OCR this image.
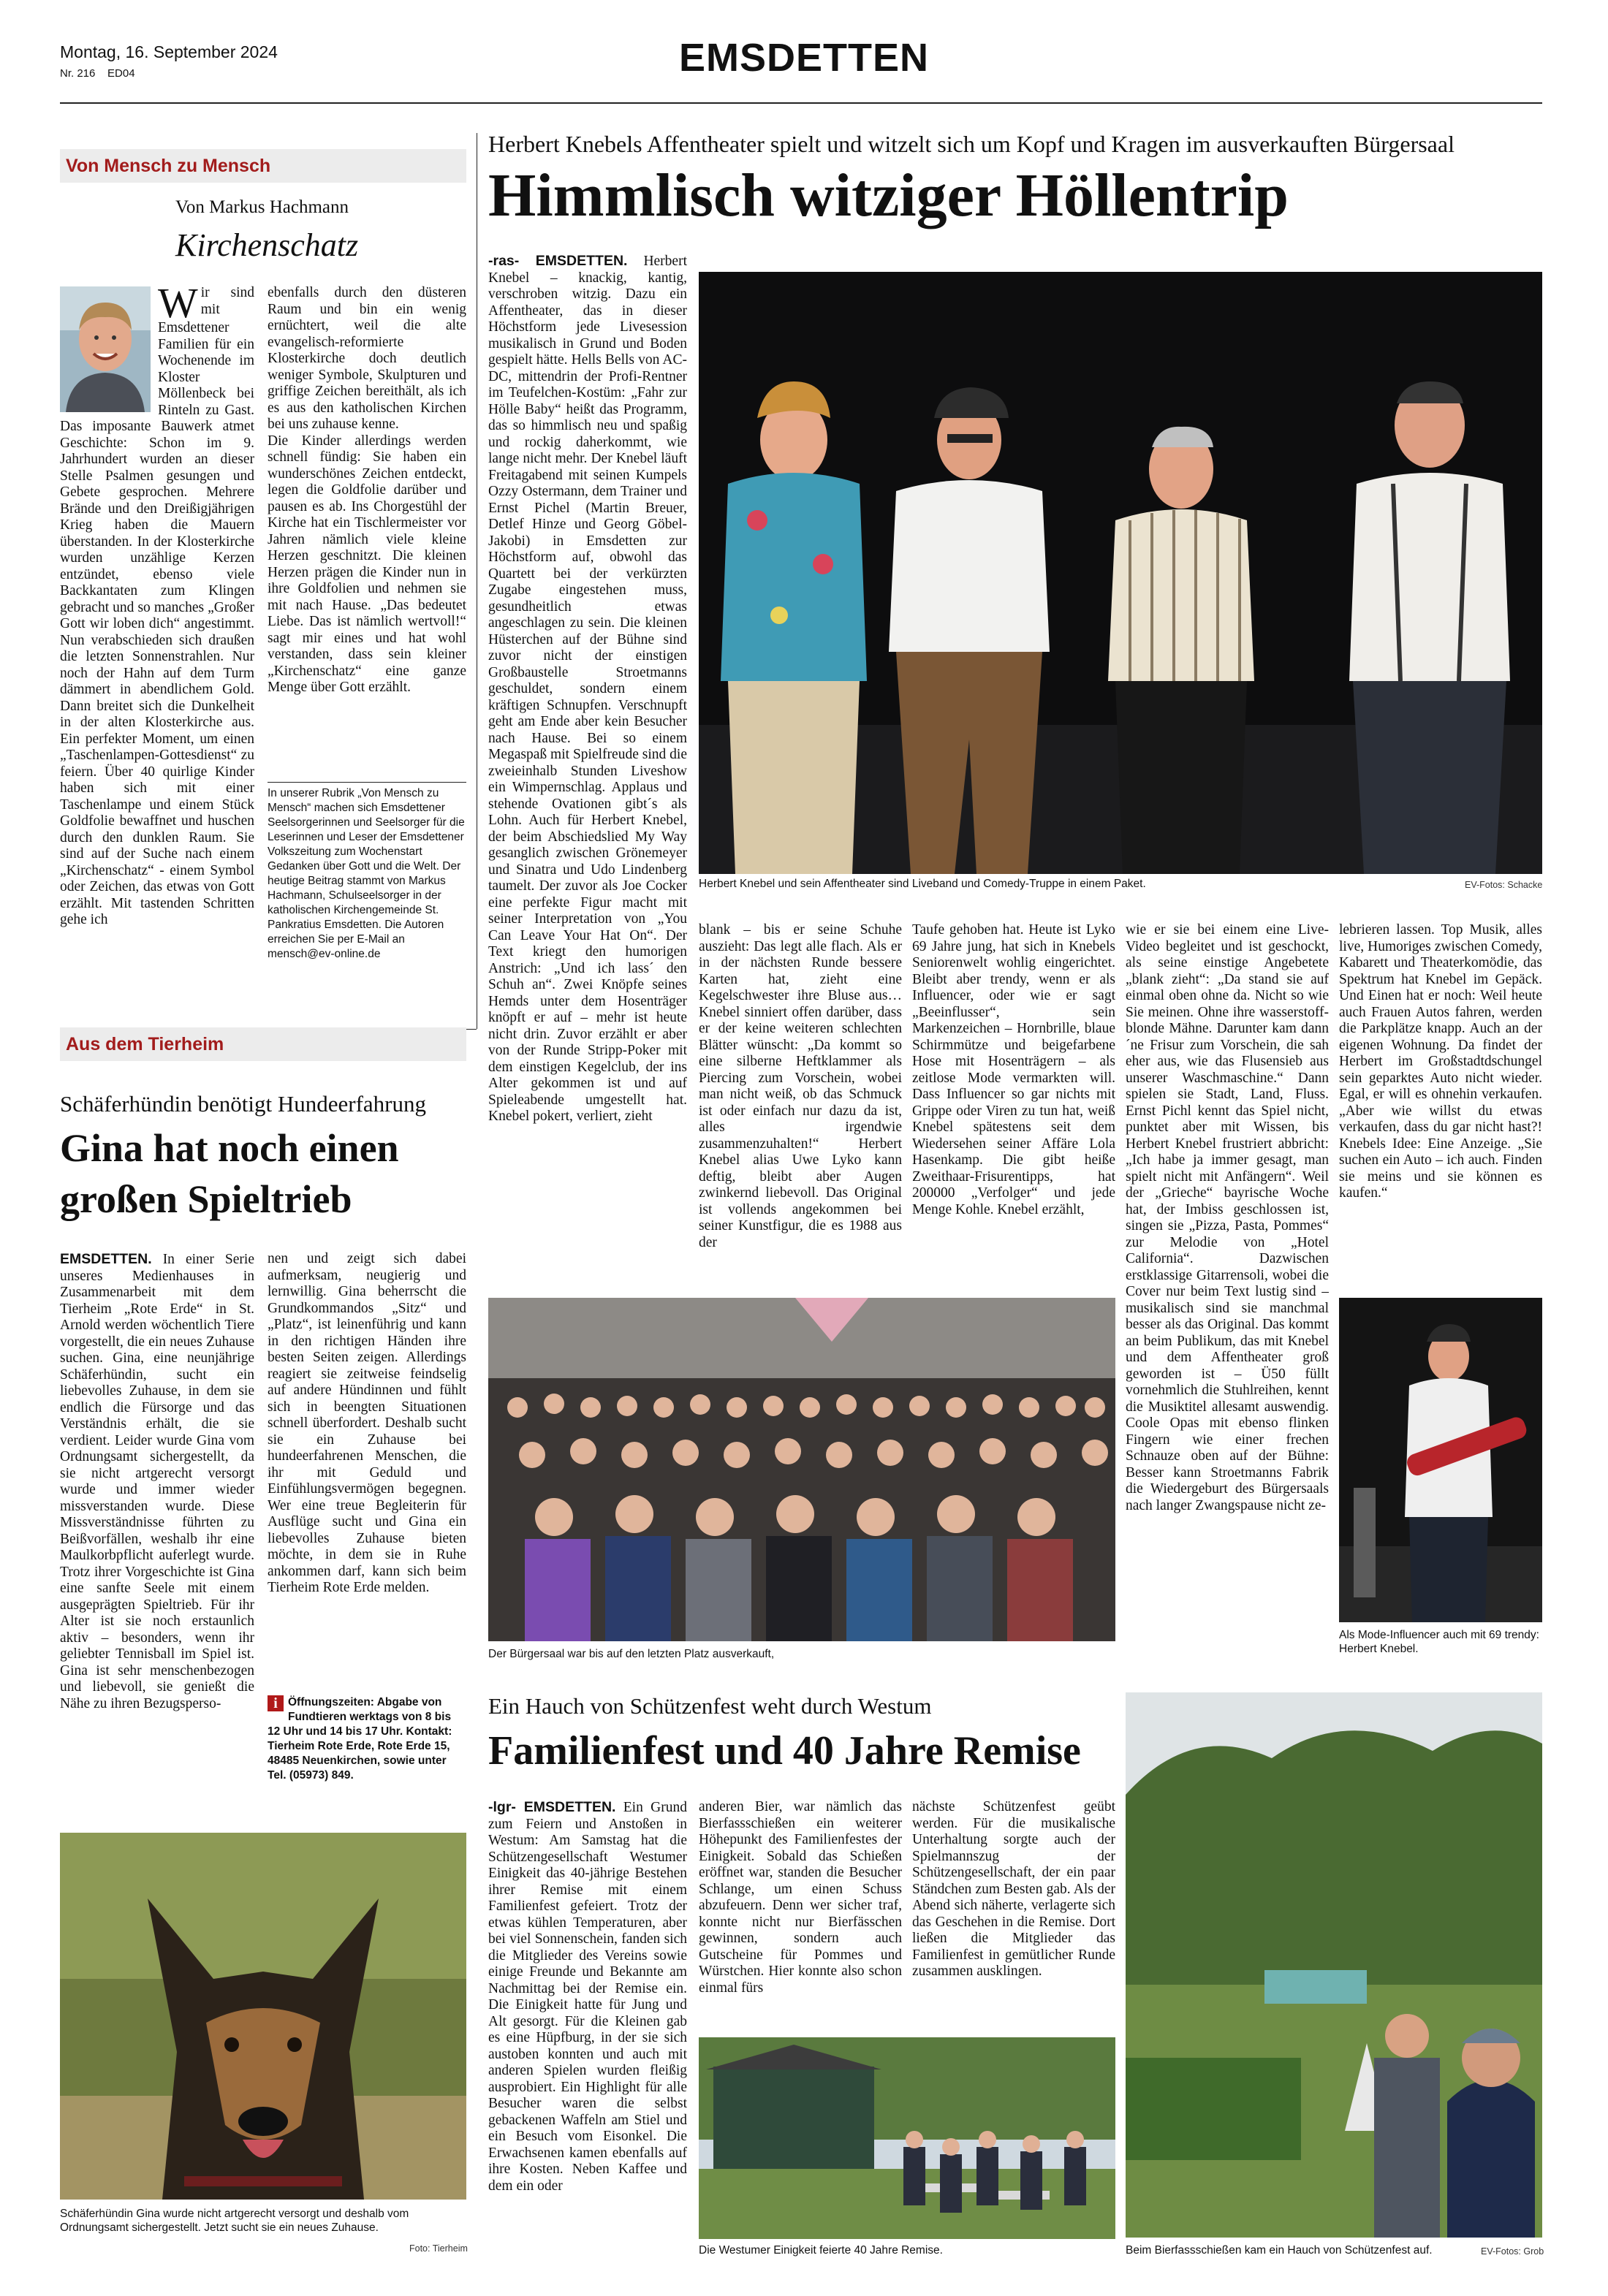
Montag, 16. September 2024
Nr. 216    ED04	EMSDETTEN
Von Mensch zu Mensch
Von Markus Hachmann
Kirchenschatz
Wir sind mit Emsdettener Familien für ein Wochenende im Kloster Möllenbeck bei Rinteln zu Gast. Das imposante Bauwerk atmet Geschichte: Schon im 9. Jahrhundert wurden an dieser Stelle Psalmen gesungen und Gebete gesprochen. Mehrere Brände und den Dreißigjährigen Krieg haben die Mauern überstanden. In der Klosterkirche wurden unzählige Kerzen entzündet, ebenso viele Backkantaten zum Klingen gebracht und so manches „Großer Gott wir loben dich“ angestimmt. Nun verabschieden sich draußen die letzten Sonnenstrahlen. Nur noch der Hahn auf dem Turm dämmert in abendlichem Gold. Dann breitet sich die Dunkelheit in der alten Klosterkirche aus. Ein perfekter Moment, um einen „Taschenlampen-Gottesdienst“ zu feiern. Über 40 quirlige Kinder haben sich mit einer Taschenlampe und einem Stück Goldfolie bewaffnet und huschen durch den dunklen Raum. Sie sind auf der Suche nach einem „Kirchenschatz“ - einem Symbol oder Zeichen, das etwas von Gott erzählt. Mit tastenden Schritten gehe ich

ebenfalls durch den düsteren Raum und bin ein wenig ernüchtert, weil die alte evangelisch-reformierte Klosterkirche doch deutlich weniger Symbole, Skulpturen und griffige Zeichen bereithält, als ich es aus den katholischen Kirchen bei uns zuhause kenne.

Die Kinder allerdings werden schnell fündig: Sie haben ein wunderschönes Zeichen entdeckt, legen die Goldfolie darüber und pausen es ab. Ins Chorgestühl der Kirche hat ein Tischlermeister vor Jahren nämlich viele kleine Herzen geschnitzt. Die kleinen Herzen prägen die Kinder nun in ihre Goldfolien und nehmen sie mit nach Hause. „Das bedeutet Liebe. Das ist nämlich wertvoll!“ sagt mir eines und hat wohl verstanden, dass sein kleiner „Kirchenschatz“ eine ganze Menge über Gott erzählt.

In unserer Rubrik „Von Mensch zu Mensch“ machen sich Emsdettener Seelsorgerinnen und Seelsorger für die Leserinnen und Leser der Emsdettener Volkszeitung zum Wochenstart Gedanken über Gott und die Welt. Der heutige Beitrag stammt von Markus Hachmann, Schulseelsorger in der katholischen Kirchengemeinde St. Pankratius Emsdetten. Die Autoren erreichen Sie per E-Mail an mensch@ev-online.de
Aus dem Tierheim
Schäferhündin benötigt Hundeerfahrung
Gina hat noch einen großen Spieltrieb
EMSDETTEN. In einer Serie unseres Medienhauses in Zusammenarbeit mit dem Tierheim „Rote Erde“ in St. Arnold werden wöchentlich Tiere vorgestellt, die ein neues Zuhause suchen. Gina, eine neunjährige Schäferhündin, sucht ein liebevolles Zuhause, in dem sie endlich die Fürsorge und das Verständnis erhält, die sie verdient. Leider wurde Gina vom Ordnungsamt sichergestellt, da sie nicht artgerecht versorgt wurde und immer wieder missverstanden wurde. Diese Missverständnisse führten zu Beißvorfällen, weshalb ihr eine Maulkorbpflicht auferlegt wurde. Trotz ihrer Vorgeschichte ist Gina eine sanfte Seele mit einem ausgeprägten Spieltrieb. Für ihr Alter ist sie noch erstaunlich aktiv – besonders, wenn ihr geliebter Tennisball im Spiel ist. Gina ist sehr menschenbezogen und liebevoll, sie genießt die Nähe zu ihren Bezugsperso-
nen und zeigt sich dabei aufmerksam, neugierig und lernwillig. Gina beherrscht die Grundkommandos „Sitz“ und „Platz“, ist leinenführig und kann in den richtigen Händen ihre besten Seiten zeigen. Allerdings reagiert sie zeitweise feindselig auf andere Hündinnen und fühlt sich in beengten Situationen schnell überfordert. Deshalb sucht sie ein Zuhause bei hundeerfahrenen Menschen, die ihr mit Geduld und Einfühlungsvermögen begegnen. Wer eine treue Begleiterin für Ausflüge sucht und Gina ein liebevolles Zuhause bieten möchte, in dem sie in Ruhe ankommen darf, kann sich beim Tierheim Rote Erde melden.
i Öffnungszeiten: Abgabe von Fundtieren werktags von 8 bis 12 Uhr und 14 bis 17 Uhr. Kontakt: Tierheim Rote Erde, Rote Erde 15, 48485 Neuenkirchen, sowie unter Tel. (05973) 849.
Schäferhündin Gina wurde nicht artgerecht versorgt und deshalb vom Ordnungsamt sichergestellt. Jetzt sucht sie ein neues Zuhause.
Foto: Tierheim
Herbert Knebels Affentheater spielt und witzelt sich um Kopf und Kragen im ausverkauften Bürgersaal
Himmlisch witziger Höllentrip
-ras- EMSDETTEN. Herbert Knebel – knackig, kantig, verschroben witzig. Dazu ein Affentheater, das in dieser Höchstform jede Livesession musikalisch in Grund und Boden gespielt hätte. Hells Bells von AC-DC, mittendrin der Profi-Rentner im Teufelchen-Kostüm: „Fahr zur Hölle Baby“ heißt das Programm, das so himmlisch neu und spaßig und rockig daherkommt, wie lange nicht mehr. Der Knebel läuft Freitagabend mit seinen Kumpels Ozzy Ostermann, dem Trainer und Ernst Pichel (Martin Breuer, Detlef Hinze und Georg Göbel-Jakobi) in Emsdetten zur Höchstform auf, obwohl das Quartett bei der verkürzten Zugabe eingestehen muss, gesundheitlich etwas angeschlagen zu sein. Die kleinen Hüsterchen auf der Bühne sind zuvor nicht der einstigen Großbaustelle Stroetmanns geschuldet, sondern einem kräftigen Schnupfen. Verschnupft geht am Ende aber kein Besucher nach Hause. Bei so einem Megaspaß mit Spielfreude sind die zweieinhalb Stunden Liveshow ein Wimpernschlag. Applaus und stehende Ovationen gibt´s als Lohn. Auch für Herbert Knebel, der beim Abschiedslied My Way gesanglich zwischen Grönemeyer und Sinatra und Udo Lindenberg taumelt. Der zuvor als Joe Cocker eine perfekte Figur macht mit seiner Interpretation von „You Can Leave Your Hat On“. Der Text kriegt den humorigen Anstrich: „Und ich lass´ den Schuh an“. Zwei Knöpfe seines Hemds unter dem Hosenträger knöpft er auf – mehr ist heute nicht drin. Zuvor erzählt er aber von der Runde Stripp-Poker mit dem einstigen Kegelclub, der ins Alter gekommen ist und auf Spieleabende umgestellt hat. Knebel pokert, verliert, zieht
Herbert Knebel und sein Affentheater sind Liveband und Comedy-Truppe in einem Paket.	EV-Fotos: Schacke
blank – bis er seine Schuhe auszieht: Das legt alle flach. Als er in der nächsten Runde bessere Karten hat, zieht eine Kegelschwester ihre Bluse aus… Knebel sinniert offen darüber, dass er der keine weiteren schlechten Blätter wünscht: „Da kommt so eine silberne Heftklammer als Piercing zum Vorschein, wobei man nicht weiß, ob das Schmuck ist oder einfach nur dazu da ist, alles irgendwie zusammenzuhalten!“ Herbert Knebel alias Uwe Lyko kann deftig, bleibt aber Augen zwinkernd liebevoll. Das Original ist vollends angekommen bei seiner Kunstfigur, die es 1988 aus der
Taufe gehoben hat. Heute ist Lyko 69 Jahre jung, hat sich in Knebels Seniorenwelt wohlig eingerichtet. Bleibt aber trendy, wenn er als Influencer, oder wie er sagt „Beeinflusser“, sein Markenzeichen – Hornbrille, blaue Schirmmütze und beigefarbene Hose mit Hosenträgern – als zeitlose Mode vermarkten will. Dass Influencer so gar nichts mit Grippe oder Viren zu tun hat, weiß Knebel spätestens seit dem Wiedersehen seiner Affäre Lola Hasenkamp. Die gibt heiße Zweithaar-Frisurentipps, hat 200000 „Verfolger“ und jede Menge Kohle. Knebel erzählt,
wie er sie bei einem eine Live-Video begleitet und ist geschockt, als seine einstige Angebetete „blank zieht“: „Da stand sie auf einmal oben ohne da. Nicht so wie Sie meinen. Ohne ihre wasserstoff-blonde Mähne. Darunter kam dann ´ne Frisur zum Vorschein, die sah eher aus, wie das Flusensieb aus unserer Waschmaschine.“ Dann spielen sie Stadt, Land, Fluss. Ernst Pichl kennt das Spiel nicht, punktet aber mit Wissen, bis Herbert Knebel frustriert abbricht: „Ich habe ja immer gesagt, man spielt nicht mit Anfängern“. Weil der „Grieche“ bayrische Woche hat, der Imbiss geschlossen ist, singen sie „Pizza, Pasta, Pommes“ zur Melodie von „Hotel California“. Dazwischen erstklassige Gitarrensoli, wobei die Cover nur beim Text lustig sind – musikalisch sind sie manchmal besser als das Original. Das kommt an beim Publikum, das mit Knebel und dem Affentheater groß geworden ist – Ü50 füllt vornehmlich die Stuhlreihen, kennt die Musiktitel allesamt auswendig. Coole Opas mit ebenso flinken Fingern wie einer frechen Schnauze oben auf der Bühne: Besser kann Stroetmanns Fabrik die Wiedergeburt des Bürgersaals nach langer Zwangspause nicht ze-
lebrieren lassen. Top Musik, alles live, Humoriges zwischen Comedy, Kabarett und Theaterkomödie, das Spektrum hat Knebel im Gepäck. Und Einen hat er noch: Weil heute auch Frauen Autos fahren, werden die Parkplätze knapp. Auch an der eigenen Wohnung. Da findet der Herbert im Großstadtdschungel sein geparktes Auto nicht wieder. Egal, er will es ohnehin verkaufen. „Aber wie willst du etwas verkaufen, dass du gar nicht hast?! Knebels Idee: Eine Anzeige. „Sie suchen ein Auto – ich auch. Finden sie meins und sie können es kaufen.“
Der Bürgersaal war bis auf den letzten Platz ausverkauft,
Als Mode-Influencer auch mit 69 trendy: Herbert Knebel.
Ein Hauch von Schützenfest weht durch Westum
Familienfest und 40 Jahre Remise
-lgr- EMSDETTEN. Ein Grund zum Feiern und Anstoßen in Westum: Am Samstag hat die Schützengesellschaft Westumer Einigkeit das 40-jährige Bestehen ihrer Remise mit einem Familienfest gefeiert. Trotz der etwas kühlen Temperaturen, aber bei viel Sonnenschein, fanden sich die Mitglieder des Vereins sowie einige Freunde und Bekannte am Nachmittag bei der Remise ein. Die Einigkeit hatte für Jung und Alt gesorgt. Für die Kleinen gab es eine Hüpfburg, in der sie sich austoben konnten und auch mit anderen Spielen wurden fleißig ausprobiert. Ein Highlight für alle Besucher waren die selbst gebackenen Waffeln am Stiel und ein Besuch vom Eisonkel. Die Erwachsenen kamen ebenfalls auf ihre Kosten. Neben Kaffee und dem ein oder
anderen Bier, war nämlich das Bierfassschießen ein weiterer Höhepunkt des Familienfestes der Einigkeit. Sobald das Schießen eröffnet war, standen die Besucher Schlange, um einen Schuss abzufeuern. Denn wer sicher traf, konnte nicht nur Bierfässchen gewinnen, sondern auch Gutscheine für Pommes und Würstchen. Hier konnte also schon einmal fürs
nächste Schützenfest geübt werden. Für die musikalische Unterhaltung sorgte auch der Spielmannszug der Schützengesellschaft, der ein paar Ständchen zum Besten gab. Als der Abend sich näherte, verlagerte sich das Geschehen in die Remise. Dort ließen die Mitglieder das Familienfest in gemütlicher Runde zusammen ausklingen.
Die Westumer Einigkeit feierte 40 Jahre Remise.	Beim Bierfassschießen kam ein Hauch von Schützenfest auf.	EV-Fotos: Grob
